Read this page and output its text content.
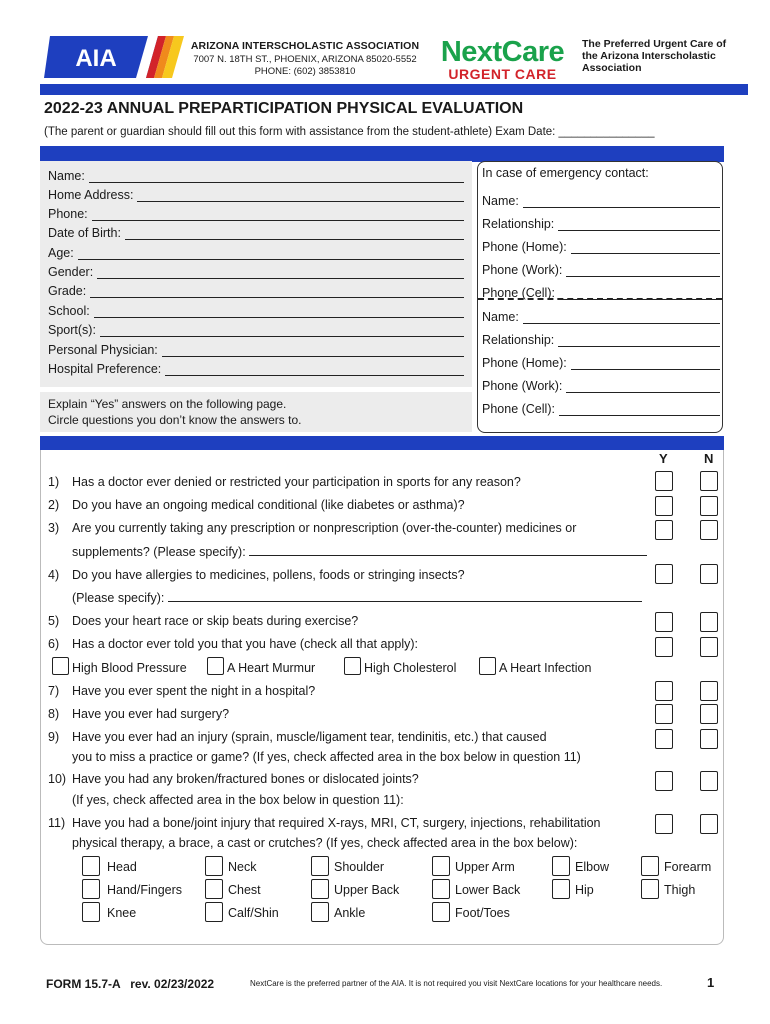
AIA	ARIZONA INTERSCHOLASTIC ASSOCIATION
7007 N. 18TH ST., PHOENIX, ARIZONA 85020-5552
PHONE: (602) 3853810
NextCare
URGENT CARE
The Preferred Urgent Care of the Arizona Interscholastic Association
2022-23 ANNUAL PREPARTICIPATION PHYSICAL EVALUATION
(The parent or guardian should fill out this form with assistance from the student-athlete) Exam Date: _______________
Name:
Home Address:
Phone:
Date of Birth:
Age:
Gender:
Grade:
School:
Sport(s):
Personal Physician:
Hospital Preference:
Explain “Yes” answers on the following page.
Circle questions you don’t know the answers to.
In case of emergency contact:
Name:
Relationship:
Phone (Home):
Phone (Work):
Phone (Cell):
Name:
Relationship:
Phone (Home):
Phone (Work):
Phone (Cell):
Y	N
1) Has a doctor ever denied or restricted your participation in sports for any reason?
2) Do you have an ongoing medical conditional (like diabetes or asthma)?
3) Are you currently taking any prescription or nonprescription (over-the-counter) medicines or
supplements? (Please specify):
4) Do you have allergies to medicines, pollens, foods or stringing insects?
(Please specify):
5) Does your heart race or skip beats during exercise?
6) Has a doctor ever told you that you have (check all that apply):
High Blood Pressure	A Heart Murmur	High Cholesterol	A Heart Infection
7) Have you ever spent the night in a hospital?
8) Have you ever had surgery?
9) Have you ever had an injury (sprain, muscle/ligament tear, tendinitis, etc.) that caused
you to miss a practice or game? (If yes, check affected area in the box below in question 11)
10) Have you had any broken/fractured bones or dislocated joints?
(If yes, check affected area in the box below in question 11):
11) Have you had a bone/joint injury that required X-rays, MRI, CT, surgery, injections, rehabilitation
physical therapy, a brace, a cast or crutches? (If yes, check affected area in the box below):
Head	Neck	Shoulder	Upper Arm	Elbow	Forearm
Hand/Fingers	Chest	Upper Back	Lower Back	Hip	Thigh
Knee	Calf/Shin	Ankle	Foot/Toes
FORM 15.7-A   rev. 02/23/2022	NextCare is the preferred partner of the AIA. It is not required you visit NextCare locations for your healthcare needs.	1
